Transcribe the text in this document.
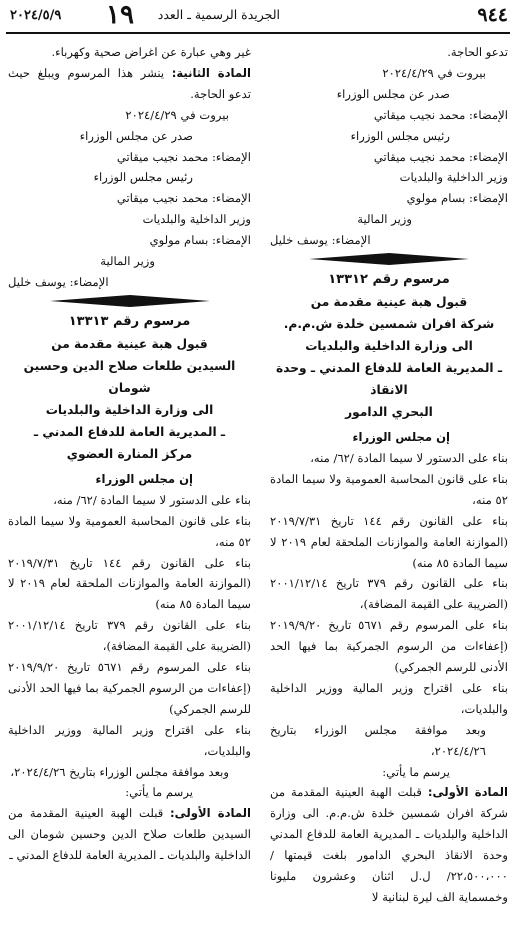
٩٤٤
الجريدة الرسمية ـ العدد
١٩
٢٠٢٤/٥/٩

تدعو الحاجة.

بيروت في ٢٠٢٤/٤/٢٩

صدر عن مجلس الوزراء

الإمضاء: محمد نجيب ميقاتي

رئيس مجلس الوزراء

الإمضاء: محمد نجيب ميقاتي

وزير الداخلية والبلديات

الإمضاء: بسام مولوي

وزير المالية

الإمضاء: يوسف خليل

مرسوم رقم ١٣٣١٢

قبول هبة عينية مقدمة من

شركة افران شمسين خلدة ش.م.م.

الى وزارة الداخلية والبلديات

ـ المديرية العامة للدفاع المدني ـ وحدة الانقاذ

البحري الدامور

إن مجلس الوزراء

بناء على الدستور لا سيما المادة /٦٢/ منه،

بناء على قانون المحاسبة العمومية ولا سيما المادة ٥٢ منه،

بناء على القانون رقم ١٤٤ تاريخ ٢٠١٩/٧/٣١ (الموازنة العامة والموازنات الملحقة لعام ٢٠١٩ لا سيما المادة ٨٥ منه)

بناء على القانون رقم ٣٧٩ تاريخ ٢٠٠١/١٢/١٤ (الضريبة على القيمة المضافة)،

بناء على المرسوم رقم ٥٦٧١ تاريخ ٢٠١٩/٩/٢٠ (إعفاءات من الرسوم الجمركية بما فيها الحد الأدنى للرسم الجمركي)

بناء على اقتراح وزير المالية ووزير الداخلية والبلديات،

وبعد موافقة مجلس الوزراء بتاريخ ٢٠٢٤/٤/٢٦،

يرسم ما يأتي:

المادة الأولى: قبلت الهبة العينية المقدمة من شركة افران شمسين خلدة ش.م.م. الى وزارة الداخلية والبلديات ـ المديرية العامة للدفاع المدني وحدة الانقاذ البحري الدامور بلغت قيمتها /٢٢،٥٠٠،٠٠٠/ ل.ل اثنان وعشرون مليونا وخمسماية الف ليرة لبنانية لا

غير وهي عبارة عن اغراض صحية وكهرباء.

المادة الثانية: ينشر هذا المرسوم ويبلغ حيث تدعو الحاجة.

بيروت في ٢٠٢٤/٤/٢٩

صدر عن مجلس الوزراء

الإمضاء: محمد نجيب ميقاتي

رئيس مجلس الوزراء

الإمضاء: محمد نجيب ميقاتي

وزير الداخلية والبلديات

الإمضاء: بسام مولوي

وزير المالية

الإمضاء: يوسف خليل

مرسوم رقم ١٣٣١٣

قبول هبة عينية مقدمة من

السيدين طلعات صلاح الدين وحسين شومان

الى وزارة الداخلية والبلديات

ـ المديرية العامة للدفاع المدني ـ

مركز المنارة العضوي

إن مجلس الوزراء

بناء على الدستور لا سيما المادة /٦٢/ منه،

بناء على قانون المحاسبة العمومية ولا سيما المادة ٥٢ منه،

بناء على القانون رقم ١٤٤ تاريخ ٢٠١٩/٧/٣١ (الموازنة العامة والموازنات الملحقة لعام ٢٠١٩ لا سيما المادة ٨٥ منه)

بناء على القانون رقم ٣٧٩ تاريخ ٢٠٠١/١٢/١٤ (الضريبة على القيمة المضافة)،

بناء على المرسوم رقم ٥٦٧١ تاريخ ٢٠١٩/٩/٢٠ (إعفاءات من الرسوم الجمركية بما فيها الحد الأدنى للرسم الجمركي)

بناء على اقتراح وزير المالية ووزير الداخلية والبلديات،

وبعد موافقة مجلس الوزراء بتاريخ ٢٠٢٤/٤/٢٦،

يرسم ما يأتي:

المادة الأولى: قبلت الهبة العينية المقدمة من السيدين طلعات صلاح الدين وحسين شومان الى الداخلية والبلديات ـ المديرية العامة للدفاع المدني ـ
